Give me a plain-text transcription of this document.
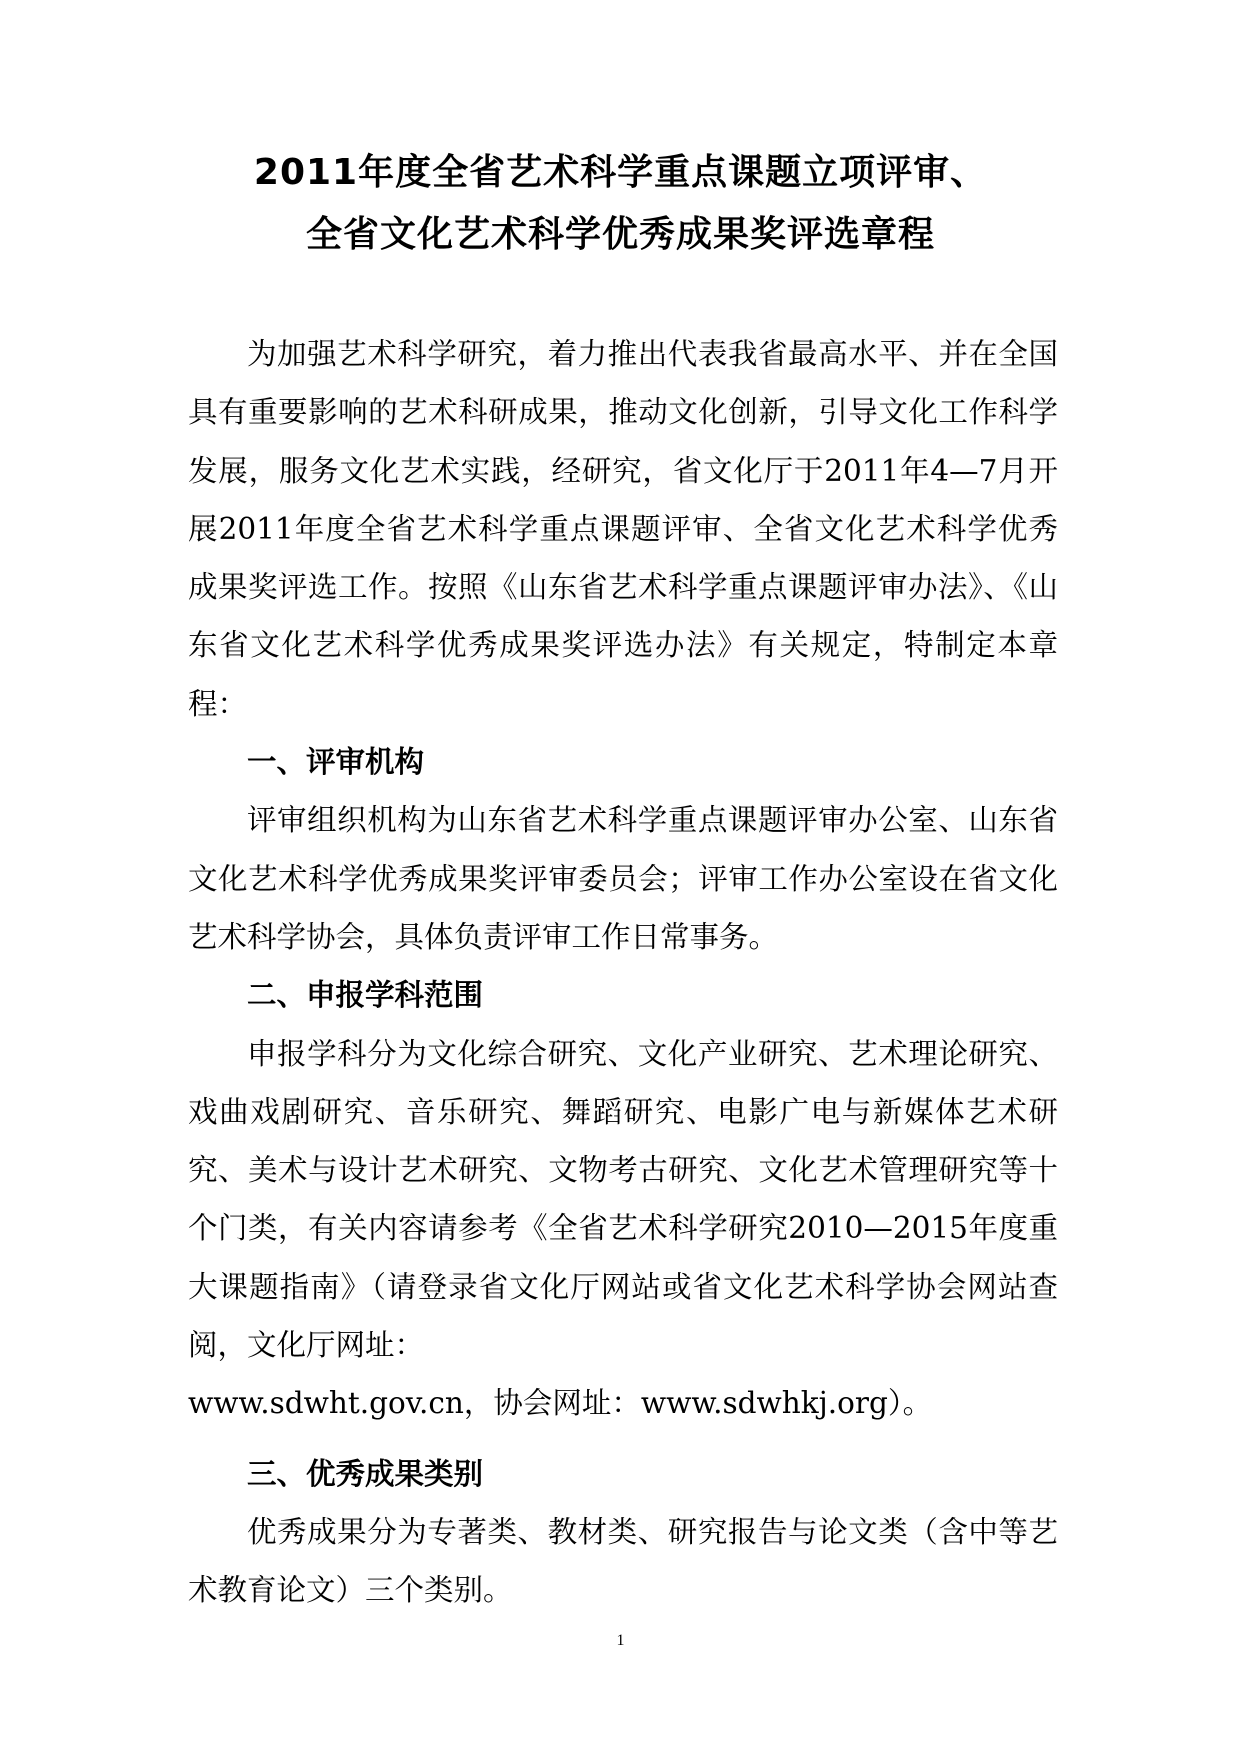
2011年度全省艺术科学重点课题立项评审、
全省文化艺术科学优秀成果奖评选章程

为加强艺术科学研究，着力推出代表我省最高水平、并在全国具有重要影响的艺术科研成果，推动文化创新，引导文化工作科学发展，服务文化艺术实践，经研究，省文化厅于2011年4—7月开展2011年度全省艺术科学重点课题评审、全省文化艺术科学优秀成果奖评选工作。按照《山东省艺术科学重点课题评审办法》、《山东省文化艺术科学优秀成果奖评选办法》有关规定，特制定本章程：

一、评审机构

评审组织机构为山东省艺术科学重点课题评审办公室、山东省文化艺术科学优秀成果奖评审委员会；评审工作办公室设在省文化艺术科学协会，具体负责评审工作日常事务。

二、申报学科范围

申报学科分为文化综合研究、文化产业研究、艺术理论研究、戏曲戏剧研究、音乐研究、舞蹈研究、电影广电与新媒体艺术研究、美术与设计艺术研究、文物考古研究、文化艺术管理研究等十个门类，有关内容请参考《全省艺术科学研究2010—2015年度重大课题指南》（请登录省文化厅网站或省文化艺术科学协会网站查阅，文化厅网址：

www.sdwht.gov.cn，协会网址：www.sdwhkj.org）。

三、优秀成果类别

优秀成果分为专著类、教材类、研究报告与论文类（含中等艺术教育论文）三个类别。

1
